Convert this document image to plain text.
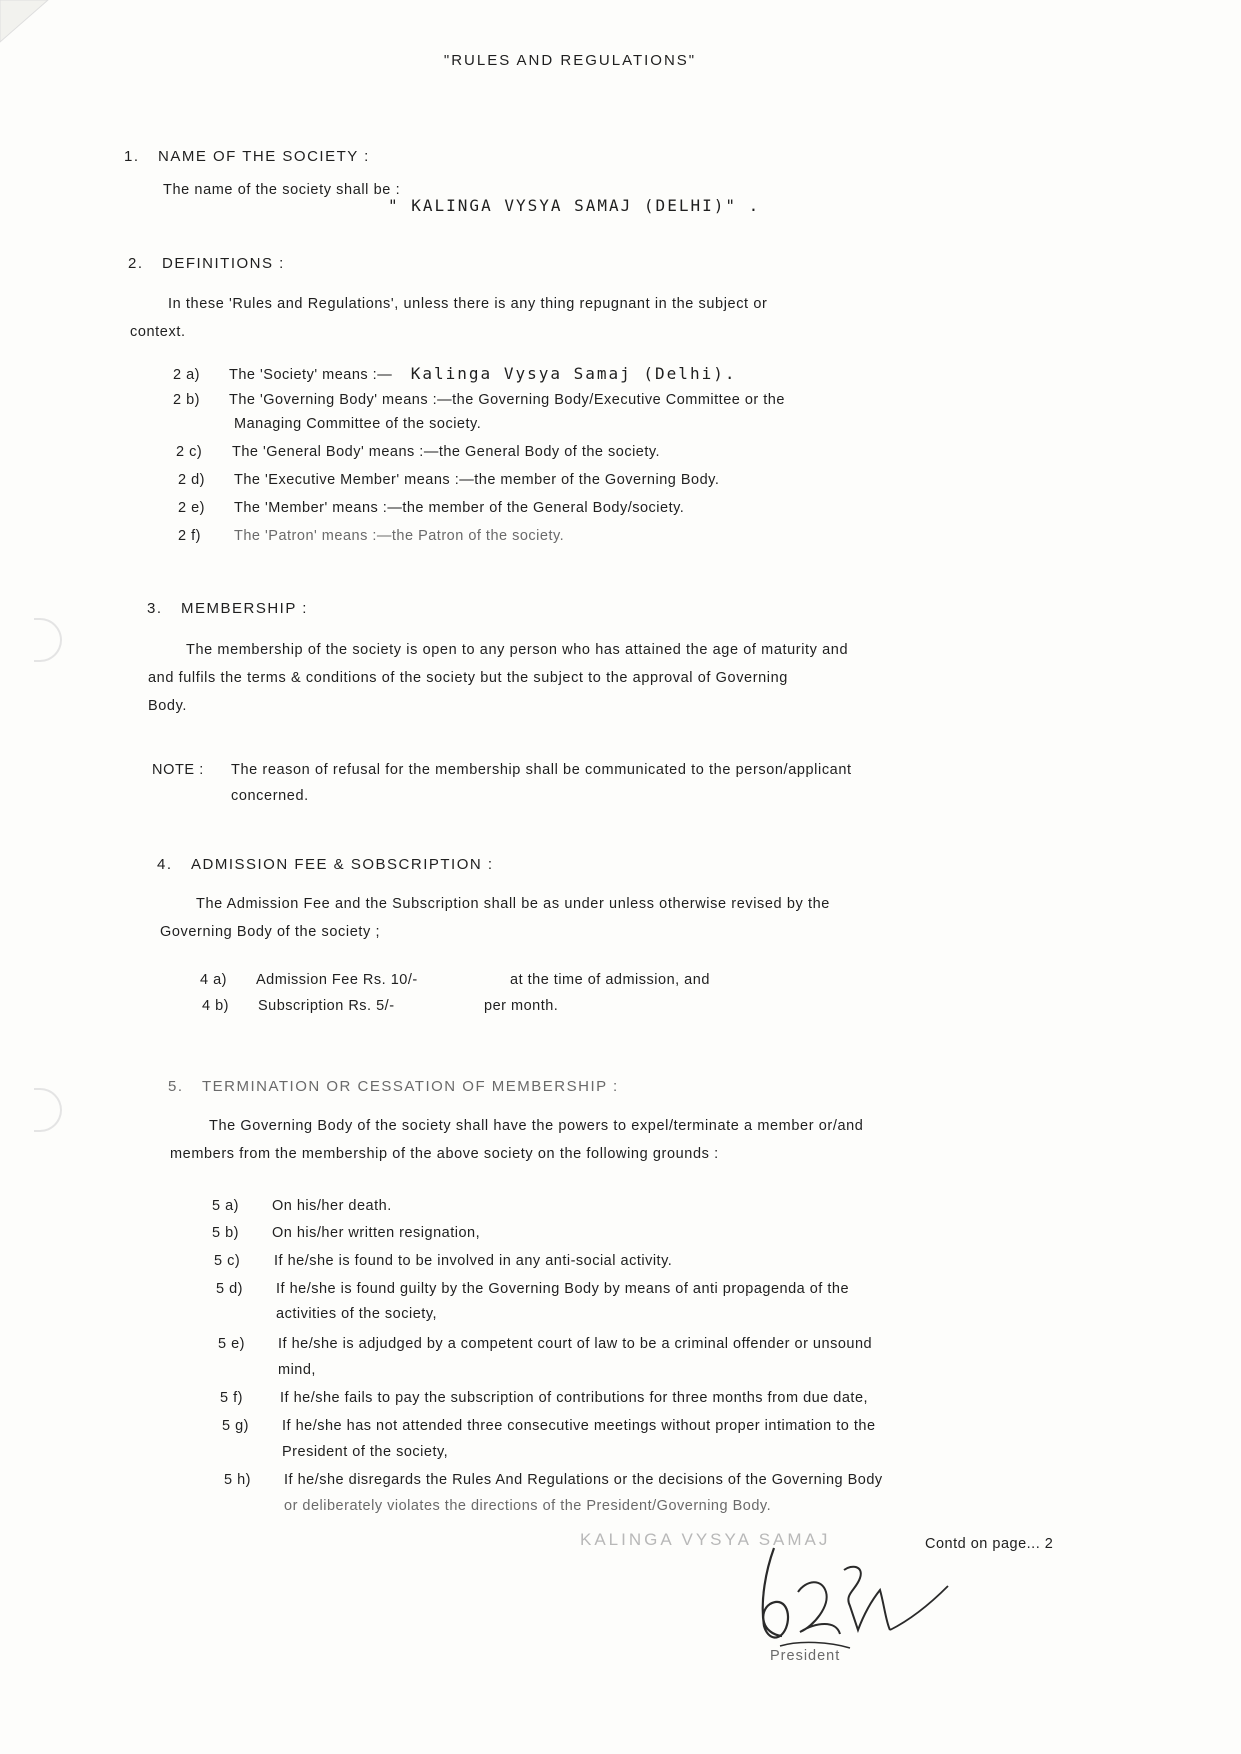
"RULES AND REGULATIONS"
1. NAME OF THE SOCIETY :
The name of the society shall be :
" KALINGA VYSYA SAMAJ (DELHI)" .
2. DEFINITIONS :
In these 'Rules and Regulations', unless there is any thing repugnant in the subject or
context.
2 a) The 'Society' means :— Kalinga Vysya Samaj (Delhi).
2 b) The 'Governing Body' means :—the Governing Body/Executive Committee or the
Managing Committee of the society.
2 c) The 'General Body' means :—the General Body of the society.
2 d) The 'Executive Member' means :—the member of the Governing Body.
2 e) The 'Member' means :—the member of the General Body/society.
2 f) The 'Patron' means :—the Patron of the society.
3. MEMBERSHIP :
The membership of the society is open to any person who has attained the age of maturity and
and fulfils the terms & conditions of the society but the subject to the approval of Governing
Body.
NOTE : The reason of refusal for the membership shall be communicated to the person/applicant
concerned.
4. ADMISSION FEE & SOBSCRIPTION :
The Admission Fee and the Subscription shall be as under unless otherwise revised by the
Governing Body of the society ;
4 a) Admission Fee Rs. 10/-	at the time of admission, and
4 b) Subscription Rs. 5/-	per month.
5. TERMINATION OR CESSATION OF MEMBERSHIP :
The Governing Body of the society shall have the powers to expel/terminate a member or/and
members from the membership of the above society on the following grounds :
5 a) On his/her death.
5 b) On his/her written resignation,
5 c) If he/she is found to be involved in any anti-social activity.
5 d) If he/she is found guilty by the Governing Body by means of anti propagenda of the
activities of the society,
5 e) If he/she is adjudged by a competent court of law to be a criminal offender or unsound
mind,
5 f)	If he/she fails to pay the subscription of contributions for three months from due date,
5 g) If he/she has not attended three consecutive meetings without proper intimation to the
President of the society,
5 h) If he/she disregards the Rules And Regulations or the decisions of the Governing Body
or deliberately violates the directions of the President/Governing Body.
KALINGA VYSYA SAMAJ	Contd on page... 2
President
